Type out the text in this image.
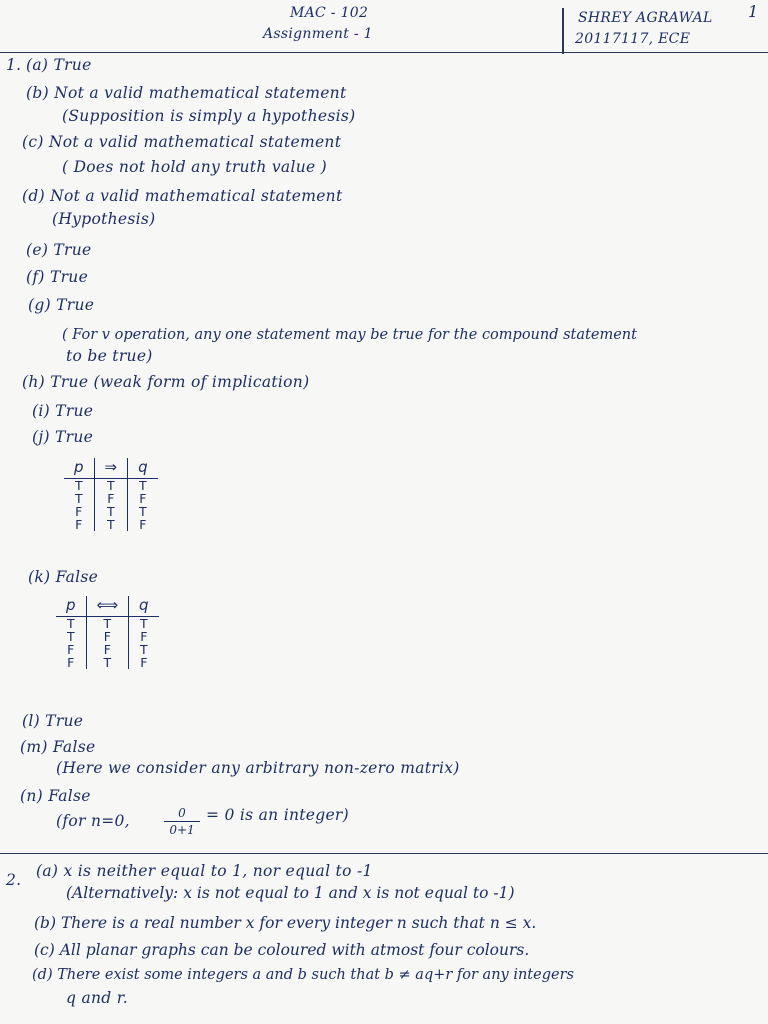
MAC - 102
Assignment - 1
SHREY AGRAWAL 1
20117117, ECE
1. (a) True
(b) Not a valid mathematical statement
(Supposition is simply a hypothesis)
(c) Not a valid mathematical statement
( Does not hold any truth value )
(d) Not a valid mathematical statement
(Hypothesis)
(e) True
(f) True
(g) True
( For v operation, any one statement may be true for the compound statement
to be true)
(h) True (weak form of implication)
(i) True
(j) True
p	⇒	q
T	T	T
T	F	F
F	T	T
F	T	F
(k) False
p	⟺	q
T	T	T
T	F	F
F	F	T
F	T	F
(l) True
(m) False
(Here we consider any arbitrary non-zero matrix)
(n) False
(for n=0,	0
0+1
= 0 is an integer)
2. (a) x is neither equal to 1, nor equal to -1
(Alternatively: x is not equal to 1 and x is not equal to -1)
(b) There is a real number x for every integer n such that n ≤ x.
(c) All planar graphs can be coloured with atmost four colours.
(d) There exist some integers a and b such that b ≠ aq+r for any integers
q and r.
